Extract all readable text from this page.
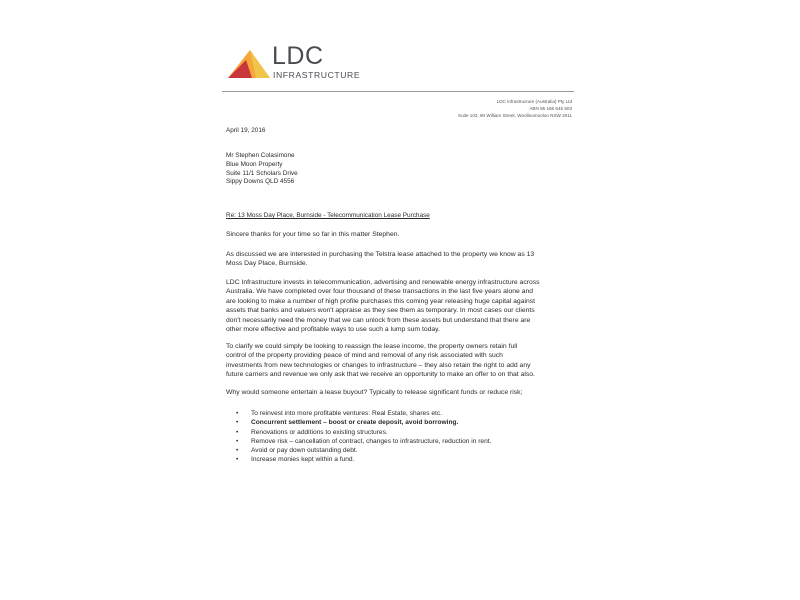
LDC
INFRASTRUCTURE
LDC Infrastructure (Australia) Pty Ltd
ABN 85 166 645 503
Suite 103, 80 William Street, Woolloomooloo NSW 2011
April 19, 2016
Mr Stephen Colasimone
Blue Moon Property
Suite 11/1 Scholars Drive
Sippy Downs QLD 4556
Re: 13 Moss Day Place, Burnside - Telecommunication Lease Purchase
Sincere thanks for your time so far in this matter Stephen.
As discussed we are interested in purchasing the Telstra lease attached to the property we know as 13
Moss Day Place, Burnside.
LDC Infrastructure invests in telecommunication, advertising and renewable energy infrastructure across
Australia. We have completed over four thousand of these transactions in the last five years alone and
are looking to make a number of high profile purchases this coming year releasing huge capital against
assets that banks and valuers won't appraise as they see them as temporary. In most cases our clients
don't necessarily need the money that we can unlock from these assets but understand that there are
other more effective and profitable ways to use such a lump sum today.
To clarify we could simply be looking to reassign the lease income, the property owners retain full
control of the property providing peace of mind and removal of any risk associated with such
investments from new technologies or changes to infrastructure – they also retain the right to add any
future carriers and revenue we only ask that we receive an opportunity to make an offer to on that also.
Why would someone entertain a lease buyout? Typically to release significant funds or reduce risk;
• To reinvest into more profitable ventures: Real Estate, shares etc.
• Concurrent settlement – boost or create deposit, avoid borrowing.
• Renovations or additions to existing structures.
• Remove risk – cancellation of contract, changes to infrastructure, reduction in rent.
• Avoid or pay down outstanding debt.
• Increase monies kept within a fund.
